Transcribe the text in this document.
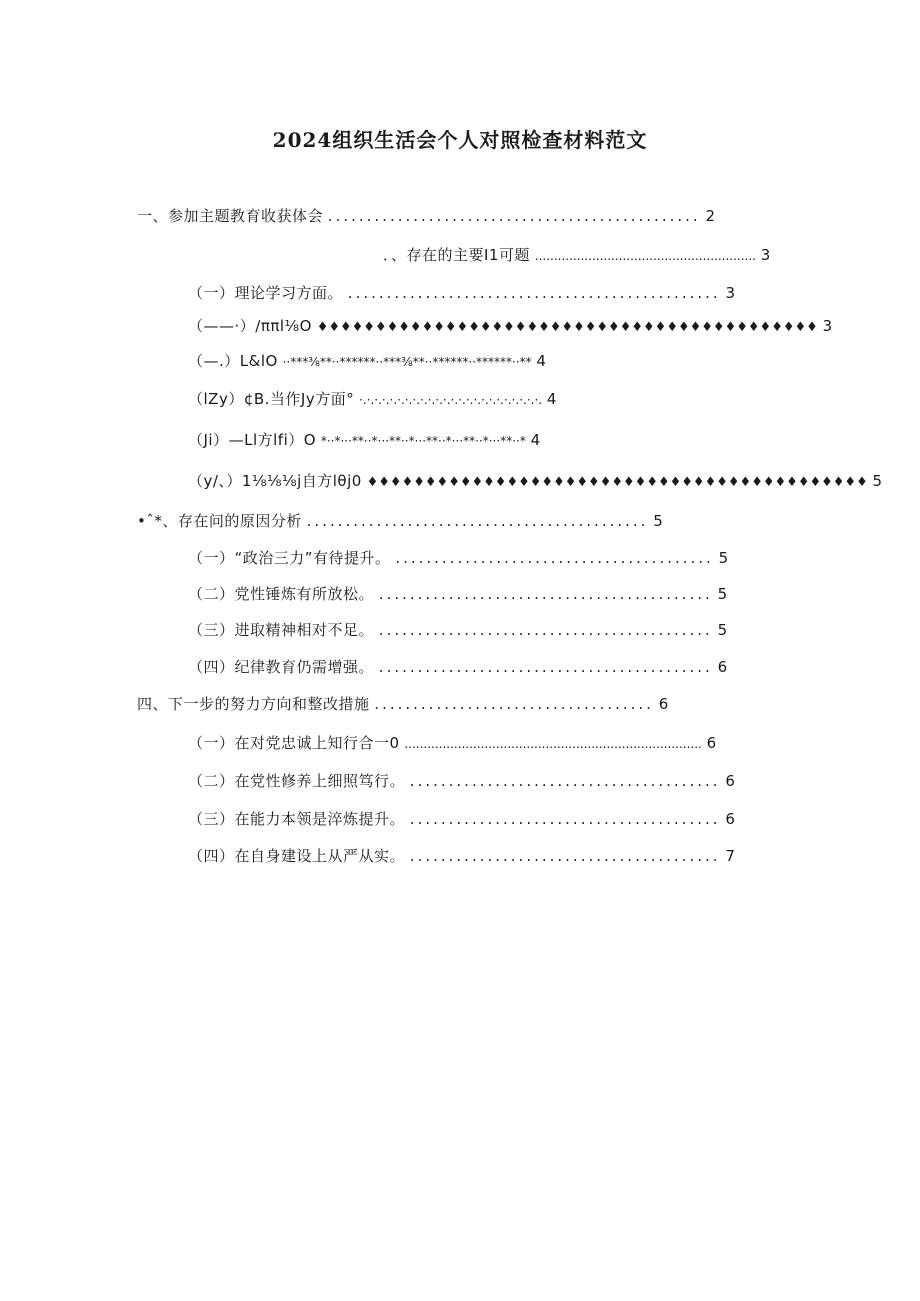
2024组织生活会个人对照检查材料范文
一、参加主题教育收获体会 ................................................ 2
．、存在的主要I1可题 .......................................................... 3
（一）理论学习方面。 ................................................ 3
（——·）∕ππl⅛O ♦♦♦♦♦♦♦♦♦♦♦♦♦♦♦♦♦♦♦♦♦♦♦♦♦♦♦♦♦♦♦♦♦♦♦♦♦♦♦♦♦♦♦ 3
（—.）L&lO ··***⅜**··******··***⅜**··******··******··** 4
（lZy）¢B.当作Jy方面° ·.·.·.·.·.·.·.·.·.·.·.·.·.·.·.·.·.·.·.·.·.·.·.·. 4
（Ji）—Ll方lfi）O *··*···**··*···**··*···**··*···**··*···**··* 4
（y/、）1⅛⅛⅛j自方lθj0 ♦♦♦♦♦♦♦♦♦♦♦♦♦♦♦♦♦♦♦♦♦♦♦♦♦♦♦♦♦♦♦♦♦♦♦♦♦♦♦♦♦♦♦ 5
•ˆ*、存在问的原因分析 ............................................ 5
（一）“政治三力”有待提升。 ......................................... 5
（二）党性锤炼有所放松。 ........................................... 5
（三）进取精神相对不足。 ........................................... 5
（四）纪律教育仍需增强。 ........................................... 6
四、下一步的努力方向和整改措施 .................................... 6
（一）在对党忠诚上知行合一0 .............................................................................. 6
（二）在党性修养上细照笃行。 ........................................ 6
（三）在能力本领是淬炼提升。 ........................................ 6
（四）在自身建设上从严从实。 ........................................ 7
